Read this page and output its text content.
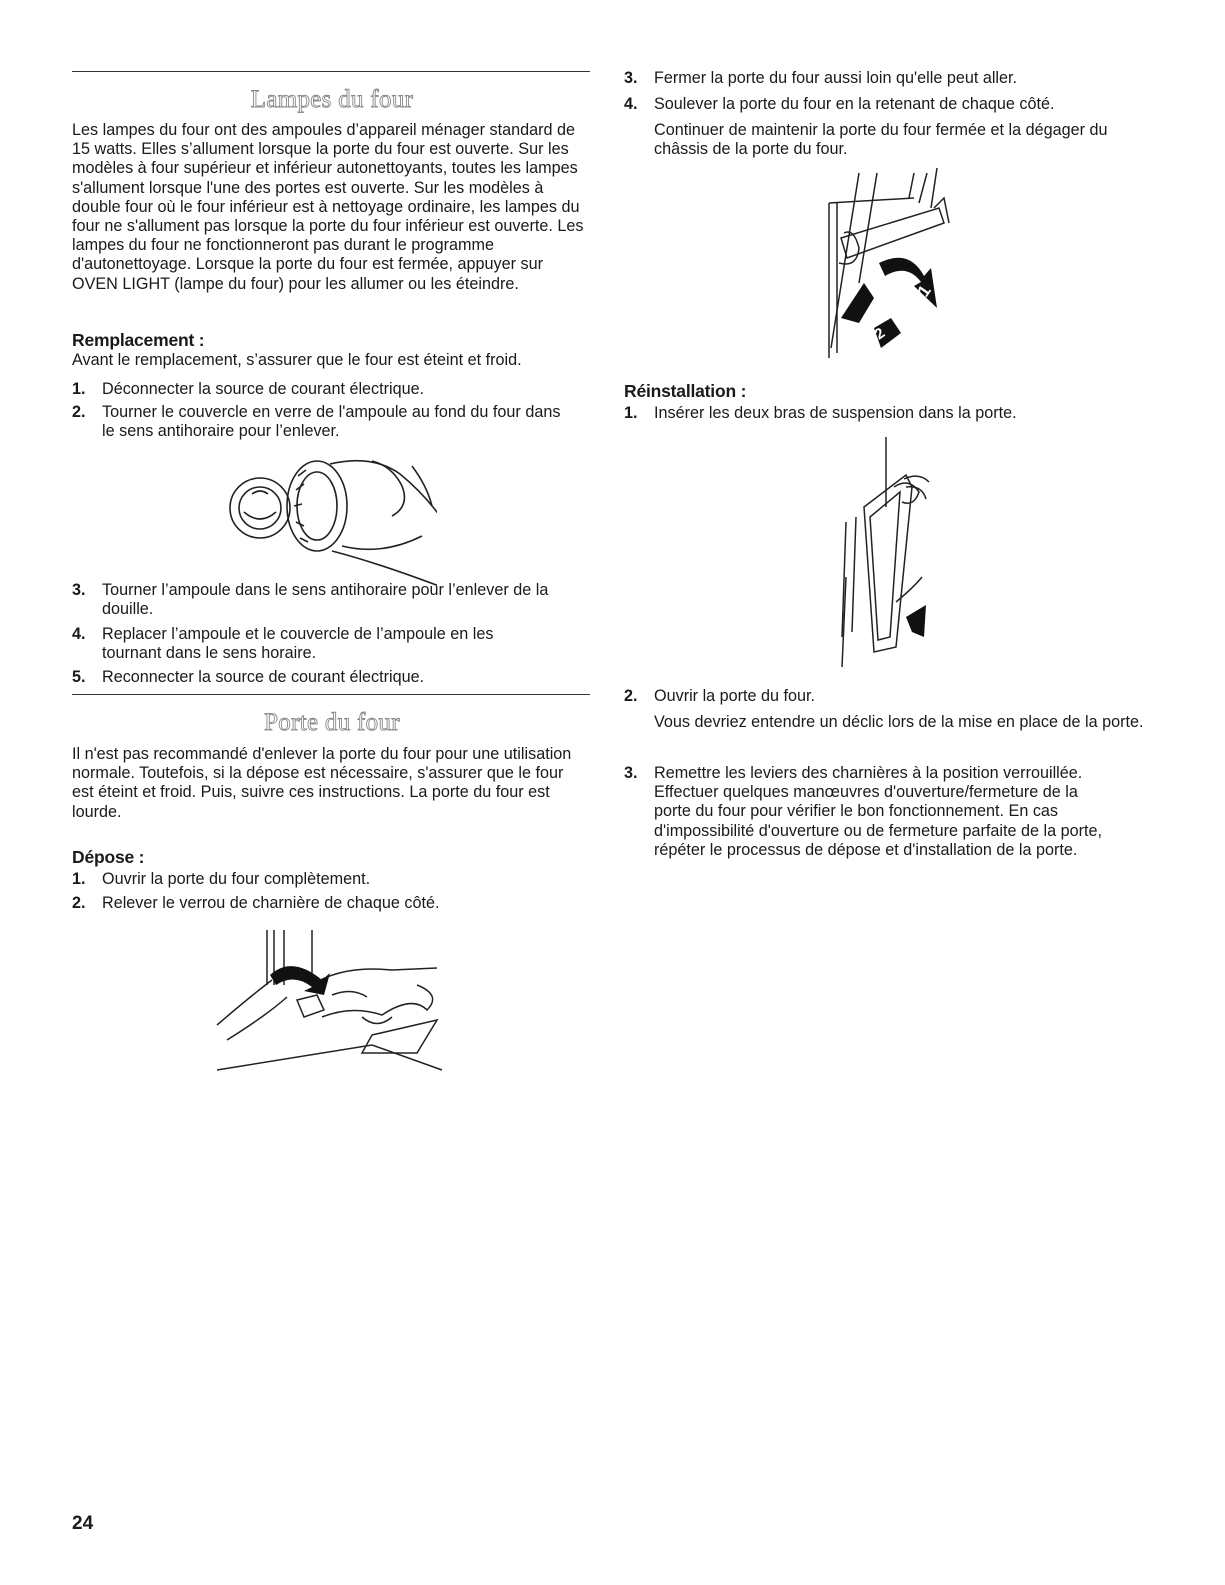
Lampes du four

Les lampes du four ont des ampoules d’appareil ménager standard de 15 watts. Elles s’allument lorsque la porte du four est ouverte. Sur les modèles à four supérieur et inférieur autonettoyants, toutes les lampes s'allument lorsque l'une des portes est ouverte. Sur les modèles à double four où le four inférieur est à nettoyage ordinaire, les lampes du four ne s'allument pas lorsque la porte du four inférieur est ouverte. Les lampes du four ne fonctionneront pas durant le programme d'autonettoyage. Lorsque la porte du four est fermée, appuyer sur OVEN LIGHT (lampe du four) pour les allumer ou les éteindre.

Remplacement :

Avant le remplacement, s’assurer que le four est éteint et froid.

1.	Déconnecter la source de courant électrique.
2.	Tourner le couvercle en verre de l'ampoule au fond du four dans le sens antihoraire pour l’enlever.
3.	Tourner l’ampoule dans le sens antihoraire pour l’enlever de la douille.
4.	Replacer l’ampoule et le couvercle de l’ampoule en les tournant dans le sens horaire.
5.	Reconnecter la source de courant électrique.
Porte du four

Il n'est pas recommandé d'enlever la porte du four pour une utilisation normale. Toutefois, si la dépose est nécessaire, s'assurer que le four est éteint et froid. Puis, suivre ces instructions. La porte du four est lourde.

Dépose :

1.	Ouvrir la porte du four complètement.
2.	Relever le verrou de charnière de chaque côté.
3.	Fermer la porte du four aussi loin qu'elle peut aller.
4.	Soulever la porte du four en la retenant de chaque côté.

Continuer de maintenir la porte du four fermée et la dégager du châssis de la porte du four.

1
2

Réinstallation :

1.	Insérer les deux bras de suspension dans la porte.
2.	Ouvrir la porte du four.

Vous devriez entendre un déclic lors de la mise en place de la porte.

3.	Remettre les leviers des charnières à la position verrouillée. Effectuer quelques manœuvres d'ouverture/fermeture de la porte du four pour vérifier le bon fonctionnement. En cas d'impossibilité d'ouverture ou de fermeture parfaite de la porte, répéter le processus de dépose et d'installation de la porte.
24
